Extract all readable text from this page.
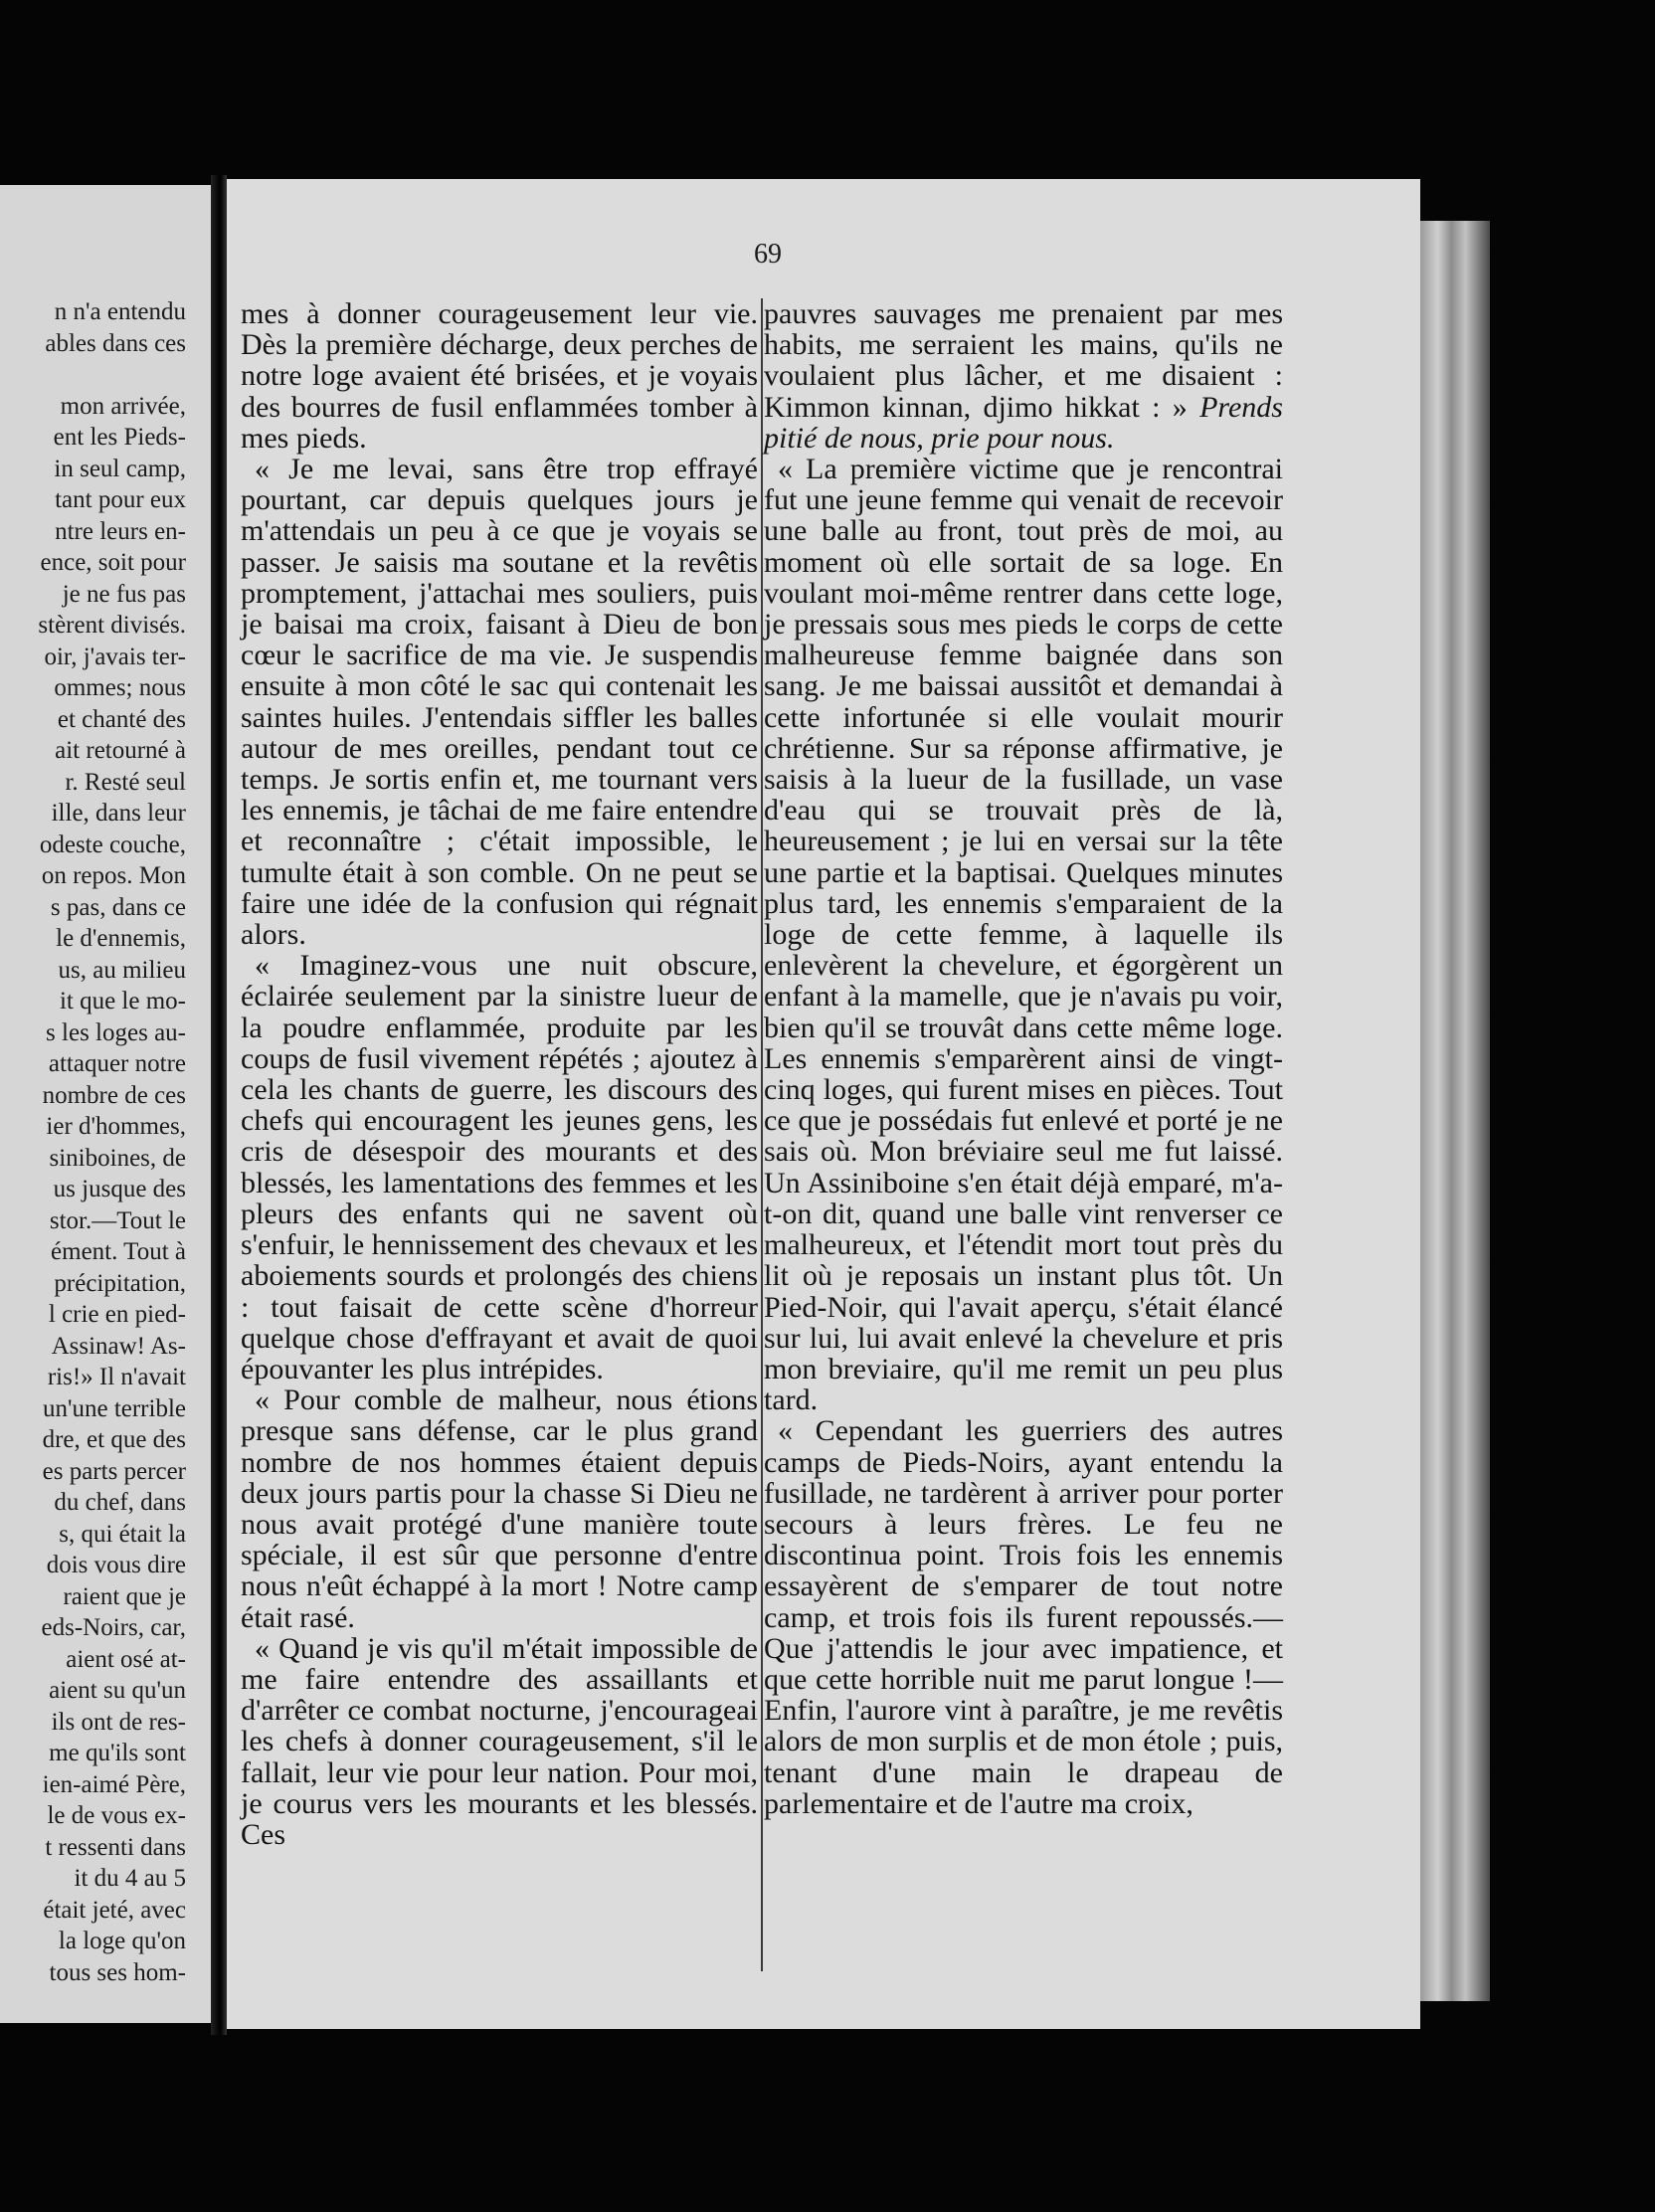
n n'a entendu
ables dans ces

mon arrivée,
ent les Pieds-
in seul camp,
tant pour eux
ntre leurs en-
ence, soit pour
je ne fus pas
stèrent divisés.
oir, j'avais ter-
ommes; nous
et chanté des
ait retourné à
r. Resté seul
ille, dans leur
odeste couche,
on repos. Mon
s pas, dans ce
le d'ennemis,
us, au milieu
it que le mo-
s les loges au-
attaquer notre
nombre de ces
ier d'hommes,
siniboines, de
us jusque des
stor.—Tout le
ément. Tout à
précipitation,
l crie en pied-
Assinaw! As-
ris!» Il n'avait
un'une terrible
dre, et que des
es parts percer
du chef, dans
s, qui était la
dois vous dire
raient que je
eds-Noirs, car,
aient osé at-
aient su qu'un
ils ont de res-
me qu'ils sont
ien-aimé Père,
le de vous ex-
t ressenti dans
it du 4 au 5
était jeté, avec
la loge qu'on
tous ses hom-
69

mes à donner courageusement leur vie. Dès la première décharge, deux perches de notre loge avaient été brisées, et je voyais des bourres de fusil enflammées tomber à mes pieds.

« Je me levai, sans être trop effrayé pourtant, car depuis quelques jours je m'attendais un peu à ce que je voyais se passer. Je saisis ma soutane et la revêtis promptement, j'attachai mes souliers, puis je baisai ma croix, faisant à Dieu de bon cœur le sacrifice de ma vie. Je suspendis ensuite à mon côté le sac qui contenait les saintes huiles. J'entendais siffler les balles autour de mes oreilles, pendant tout ce temps. Je sortis enfin et, me tournant vers les ennemis, je tâchai de me faire entendre et reconnaître ; c'était impossible, le tumulte était à son comble. On ne peut se faire une idée de la confusion qui régnait alors.

« Imaginez-vous une nuit obscure, éclairée seulement par la sinistre lueur de la poudre enflammée, produite par les coups de fusil vivement répétés ; ajoutez à cela les chants de guerre, les discours des chefs qui encouragent les jeunes gens, les cris de désespoir des mourants et des blessés, les lamentations des femmes et les pleurs des enfants qui ne savent où s'enfuir, le hennissement des chevaux et les aboiements sourds et prolongés des chiens : tout faisait de cette scène d'horreur quelque chose d'effrayant et avait de quoi épouvanter les plus intrépides.

« Pour comble de malheur, nous étions presque sans défense, car le plus grand nombre de nos hommes étaient depuis deux jours partis pour la chasse Si Dieu ne nous avait protégé d'une manière toute spéciale, il est sûr que personne d'entre nous n'eût échappé à la mort ! Notre camp était rasé.

« Quand je vis qu'il m'était impossible de me faire entendre des assaillants et d'arrêter ce combat nocturne, j'encourageai les chefs à donner courageusement, s'il le fallait, leur vie pour leur nation. Pour moi, je courus vers les mourants et les blessés. Ces

pauvres sauvages me prenaient par mes habits, me serraient les mains, qu'ils ne voulaient plus lâcher, et me disaient : Kimmon kinnan, djimo hikkat : » Prends pitié de nous, prie pour nous.

« La première victime que je rencontrai fut une jeune femme qui venait de recevoir une balle au front, tout près de moi, au moment où elle sortait de sa loge. En voulant moi-même rentrer dans cette loge, je pressais sous mes pieds le corps de cette malheureuse femme baignée dans son sang. Je me baissai aussitôt et demandai à cette infortunée si elle voulait mourir chrétienne. Sur sa réponse affirmative, je saisis à la lueur de la fusillade, un vase d'eau qui se trouvait près de là, heureusement ; je lui en versai sur la tête une partie et la baptisai. Quelques minutes plus tard, les ennemis s'emparaient de la loge de cette femme, à laquelle ils enlevèrent la chevelure, et égorgèrent un enfant à la mamelle, que je n'avais pu voir, bien qu'il se trouvât dans cette même loge. Les ennemis s'emparèrent ainsi de vingt-cinq loges, qui furent mises en pièces. Tout ce que je possédais fut enlevé et porté je ne sais où. Mon bréviaire seul me fut laissé. Un Assiniboine s'en était déjà emparé, m'a-t-on dit, quand une balle vint renverser ce malheureux, et l'étendit mort tout près du lit où je reposais un instant plus tôt. Un Pied-Noir, qui l'avait aperçu, s'était élancé sur lui, lui avait enlevé la chevelure et pris mon breviaire, qu'il me remit un peu plus tard.

« Cependant les guerriers des autres camps de Pieds-Noirs, ayant entendu la fusillade, ne tardèrent à arriver pour porter secours à leurs frères. Le feu ne discontinua point. Trois fois les ennemis essayèrent de s'emparer de tout notre camp, et trois fois ils furent repoussés.—Que j'attendis le jour avec impatience, et que cette horrible nuit me parut longue !—Enfin, l'aurore vint à paraître, je me revêtis alors de mon surplis et de mon étole ; puis, tenant d'une main le drapeau de parlementaire et de l'autre ma croix,
